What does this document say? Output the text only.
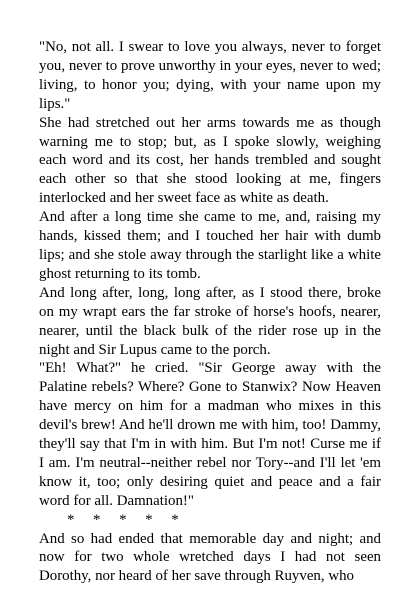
"No, not all. I swear to love you always, never to forget you, never to prove unworthy in your eyes, never to wed; living, to honor you; dying, with your name upon my lips."

She had stretched out her arms towards me as though warning me to stop; but, as I spoke slowly, weighing each word and its cost, her hands trembled and sought each other so that she stood looking at me, fingers interlocked and her sweet face as white as death.

And after a long time she came to me, and, raising my hands, kissed them; and I touched her hair with dumb lips; and she stole away through the starlight like a white ghost returning to its tomb.

And long after, long, long after, as I stood there, broke on my wrapt ears the far stroke of horse's hoofs, nearer, nearer, until the black bulk of the rider rose up in the night and Sir Lupus came to the porch.

"Eh! What?" he cried. "Sir George away with the Palatine rebels? Where? Gone to Stanwix? Now Heaven have mercy on him for a madman who mixes in this devil's brew! And he'll drown me with him, too! Dammy, they'll say that I'm in with him. But I'm not! Curse me if I am. I'm neutral--neither rebel nor Tory--and I'll let 'em know it, too; only desiring quiet and peace and a fair word for all. Damnation!"

*     *     *     *     *

And so had ended that memorable day and night; and now for two whole wretched days I had not seen Dorothy, nor heard of her save through Ruyven, who
